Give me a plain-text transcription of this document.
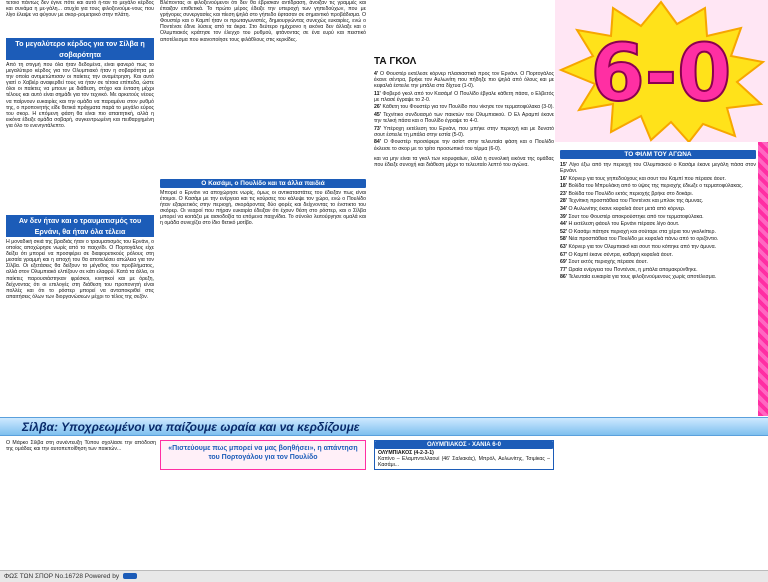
τετοιο πάντως δεν έγινε πότε και αυτό ή-ταν το μεγάλο κέρδος και συνάμα η με-γάλη... ατυχία για τους φιλοξενούμε-νους που λίγο έλειψε να φύγουν με σκορ-ρομετρικό στην πλάτη.
Το μεγαλύτερο κέρδος για τον Σίλβα η σοβαρότητα
Από τη στιγμή που όλα ήταν δεδομένα, είναι φανερό πως το μεγαλύτερο κέρδος για τον Ολυμπιακό ήταν η σοβαρότητα με την οποία αντιμετώπισαν οι παίκτες την αναμέτρηση. Και αυτό γιατί ο Χαβιέρ αναφερθεί τους να ήταν σε τέτοια επίπεδα, ώστε όλοι οι παίκτες να μπουν με διάθεση, στόχο και ένταση μέχρι τέλους και αυτό είναι σημάδι για τον τεχνικό. Με αρκετούς νέους να παίρνουν ευκαιρίες και την ομάδα να παραμένει στον ρυθμό της, ο προπονητής είδε θετικά πράγματα παρά το μεγάλο εύρος του σκορ. Η επόμενη φάση θα είναι πιο απαιτητική, αλλά η εικόνα έδειξε ομάδα σοβαρή, συγκεντρωμένη και πειθαρχημένη για όλο το ενενηντάλεπτο.
Αν δεν ήταν και ο τραυματισμός του Ερνάνι, θα ήταν όλα τέλεια
Η μοναδική σκιά της βραδιάς ήταν ο τραυματισμός του Ερνάνι, ο οποίος αποχώρησε νωρίς από το παιχνίδι. Ο Πορτογάλος είχε δείξει ότι μπορεί να προσφέρει σε διαφορετικούς ρόλους στη μεσαία γραμμή και η αποχή του θα αποτελέσει απώλεια για τον Σίλβα. Οι εξετάσεις θα δείξουν το μέγεθος του προβλήματος, αλλά στον Ολυμπιακό ελπίζουν σε κάτι ελαφρύ. Κατά τα άλλα, οι παίκτες παρουσιάστηκαν φρέσκοι, κινητικοί και με όρεξη, δείχνοντας ότι οι επιλογές στη διάθεση του προπονητή είναι πολλές και ότι το ρόστερ μπορεί να ανταποκριθεί στις απαιτήσεις όλων των διοργανώσεων μέχρι το τέλος της σεζόν.
Βλέποντας οι φιλοξενούμενοι ότι δεν θα έβρισκαν αντίδραση, άνοιξαν τις γραμμές και έπαιξαν επιθετικά. Το πρώτο μέρος έδειξε την υπεροχή των γηπεδούχων, που με γρήγορες συνεργασίες και πίεση ψηλά στο γήπεδο έφτασαν σε σημαντικό προβάδισμα. Ο Φουστέρ και ο Καμπί ήταν οι πρωταγωνιστές, δημιουργώντας συνεχώς ευκαιρίες, ενώ ο Ποντένσε έδινε λύσεις από τα άκρα. Στο δεύτερο ημίχρονο η εικόνα δεν άλλαξε και ο Ολυμπιακός κράτησε τον έλεγχο του ρυθμού, φτάνοντας σε ένα ευρύ και πειστικό αποτέλεσμα που ικανοποίησε τους φιλάθλους στις κερκίδες.
Ο Κασάμι, ο Πουλίδο και τα άλλα παιδιά
Μπορεί ο Ερνάνι να αποχώρησε νωρίς, όμως οι αντικαταστάτες του έδειξαν πως είναι έτοιμοι. Ο Κασάμι με την ενέργεια και τις κούρσες του κάλυψε τον χώρο, ενώ ο Πουλίδο ήταν εξαιρετικός στην περιοχή, σκοράροντας δύο φορές και δείχνοντας το ένστικτο του σκόρερ. Οι νεαροί που πήραν ευκαιρία έδειξαν ότι έχουν θέση στο ρόστερ, και ο Σίλβα μπορεί να κοιτάζει με αισιοδοξία τα επόμενα παιχνίδια. Το σύνολο λειτούργησε ομαλά και η ομάδα συνεχίζει στο ίδιο θετικό μοτίβο.
6-0
ΤΑ ΓΚΟΛ
4' Ο Φουστέρ εκτέλεσε κόρνερ πλασιαστικά προς τον Ερνάνι. Ο Πορτογάλος έκανε σέντρα, βρήκε τον Αυλωνίτη που πήδηξε πιο ψηλά από όλους και με κεφαλιά έστειλε την μπάλα στα δίχτυα (1-0).
11' Φοβερό γκολ από τον Κασάμι! Ο Πουλίδο έβγαλε κάθετη πάσα, ο Ελβετός με πλασέ έγραψε το 2-0.
26' Κάθετη του Φουστέρ για τον Πουλίδο που νίκησε τον τερματοφύλακα (3-0).
45' Τεχνίτικο συνδυασμό των παικτών του Ολυμπιακού. Ο Ελ Αραμπί έκανε την τελική πάσα και ο Πουλίδο έγραψε το 4-0.
73' Υπέροχη εκτέλεση του Ερνάνι, που μπήκε στην περιοχή και με δυνατό σουτ έστειλε τη μπάλα στην εστία (5-0).
84' Ο Φουστέρ προσέφερε την ασίστ στην τελευταία φάση και ο Πουλίδο έκλεισε το σκορ με το τρίτο προσωπικό του τέρμα (6-0).
και να μην είναι τα γκολ των κορυφαίων, αλλά η συνολική εικόνα της ομάδας που έδειξε συνοχή και διάθεση μέχρι το τελευταίο λεπτό του αγώνα.
ΤΟ ΦΙΛΜ ΤΟΥ ΑΓΩΝΑ
15' Λίγο έξω από την περιοχή του Ολυμπιακού ο Κασάμι έκανε μεγάλη πάσα στον Ερνάνι.
16' Κόρνερ για τους γηπεδούχους και σουτ του Καμπί που πέρασε άουτ.
18' Βολίδα του Μπρυλάκη από το ύψος της περιοχής έδιωξε ο τερματοφύλακας.
23' Βολίδα του Πουλίδο εκτός περιοχής βρήκε στο δοκάρι.
28' Τεχνίτικη προσπάθεια του Ποντένσε και μπλοκ της άμυνας.
34' Ο Αυλωνίτης έκανε κεφαλιά άουτ μετά από κόρνερ.
39' Σουτ του Φουστέρ αποκρούστηκε από τον τερματοφύλακα.
44' Η εκτέλεση φάουλ του Ερνάνι πέρασε λίγο άουτ.
52' Ο Κασάμι πάτησε περιοχή και σούταρε στα χέρια του γκολκίπερ.
58' Νέα προσπάθεια του Πουλίδο με κεφαλιά πάνω από το οριζόντιο.
63' Κόρνερ για τον Ολυμπιακό και σουτ που κόπηκε από την άμυνα.
67' Ο Καμπί έκανε σέντρα, καθαρή κεφαλιά άουτ.
69' Σουτ εκτός περιοχής πέρασε άουτ.
77' Ωραία ενέργεια του Ποντένσε, η μπάλα απομακρύνθηκε.
86' Τελευταία ευκαιρία για τους φιλοξενούμενους χωρίς αποτέλεσμα.
Σίλβα: Υποχρεωμένοι να παίζουμε ωραία και να κερδίζουμε
Ο Μάρκο Σίλβα στη συνέντευξη Τύπου σχολίασε την απόδοση της ομάδας και την αυτοπεποίθηση των παικτών...	«Πιστεύουμε πως μπορεί να μας βοηθήσει», η απάντηση του Πορτογάλου για τον Πουλίδο
ΟΛΥΜΠΙΑΚΟΣ - ΧΑΝΙΑ 6-0
ΟΛΥΜΠΙΑΚΟΣ (4-2-3-1)
Καπίνο – Ελαμπντελλαουί (46' Σαλιακάς), Μπρόλ, Αυλωνίτης, Τσιμίκας – Κασάμι...
ΦΩΣ ΤΩΝ ΣΠΟΡ No.16728 Powered by
